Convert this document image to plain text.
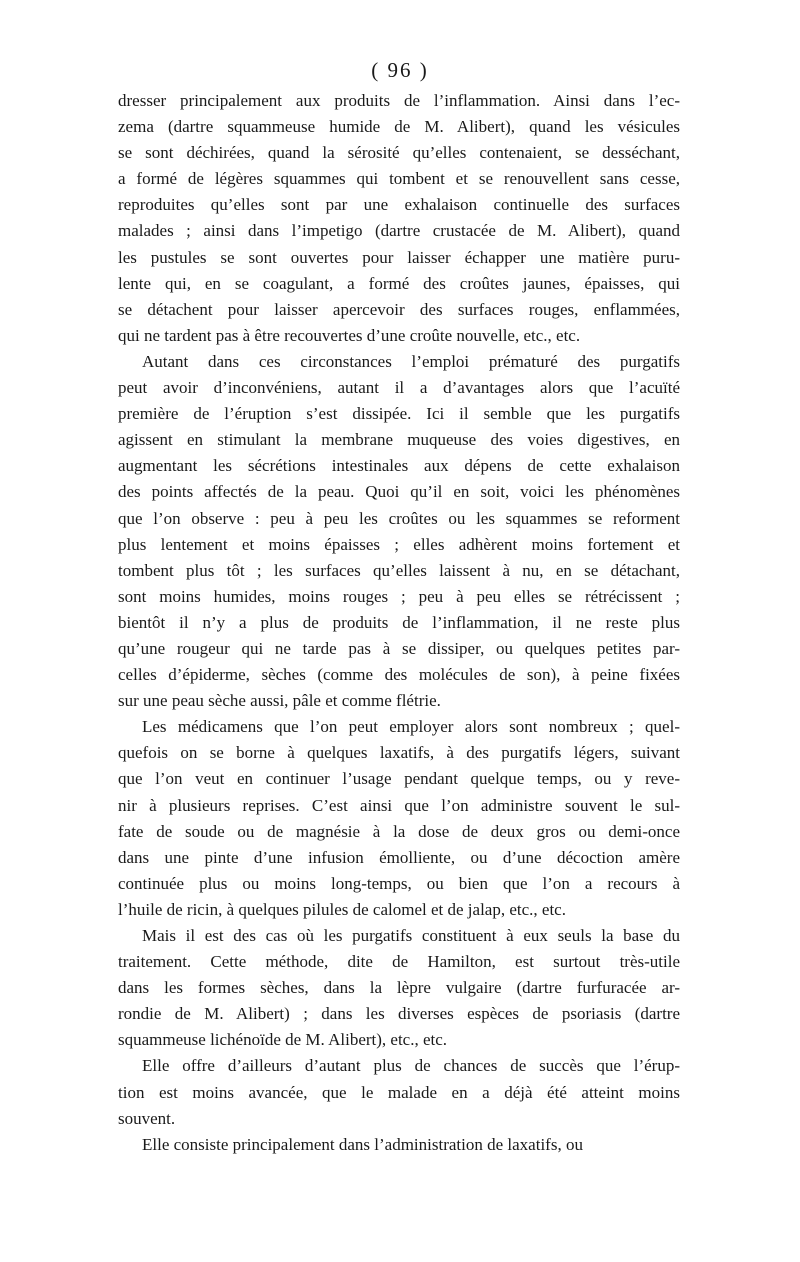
( 96 )
dresser principalement aux produits de l’inflammation. Ainsi dans l’ec-
zema (dartre squammeuse humide de M. Alibert), quand les vésicules
se sont déchirées, quand la sérosité qu’elles contenaient, se desséchant,
a formé de légères squammes qui tombent et se renouvellent sans cesse,
reproduites qu’elles sont par une exhalaison continuelle des surfaces
malades ; ainsi dans l’impetigo (dartre crustacée de M. Alibert), quand
les pustules se sont ouvertes pour laisser échapper une matière puru-
lente qui, en se coagulant, a formé des croûtes jaunes, épaisses, qui
se détachent pour laisser apercevoir des surfaces rouges, enflammées,
qui ne tardent pas à être recouvertes d’une croûte nouvelle, etc., etc.
Autant dans ces circonstances l’emploi prématuré des purgatifs
peut avoir d’inconvéniens, autant il a d’avantages alors que l’acuïté
première de l’éruption s’est dissipée. Ici il semble que les purgatifs
agissent en stimulant la membrane muqueuse des voies digestives, en
augmentant les sécrétions intestinales aux dépens de cette exhalaison
des points affectés de la peau. Quoi qu’il en soit, voici les phénomènes
que l’on observe : peu à peu les croûtes ou les squammes se reforment
plus lentement et moins épaisses ; elles adhèrent moins fortement et
tombent plus tôt ; les surfaces qu’elles laissent à nu, en se détachant,
sont moins humides, moins rouges ; peu à peu elles se rétrécissent ;
bientôt il n’y a plus de produits de l’inflammation, il ne reste plus
qu’une rougeur qui ne tarde pas à se dissiper, ou quelques petites par-
celles d’épiderme, sèches (comme des molécules de son), à peine fixées
sur une peau sèche aussi, pâle et comme flétrie.
Les médicamens que l’on peut employer alors sont nombreux ; quel-
quefois on se borne à quelques laxatifs, à des purgatifs légers, suivant
que l’on veut en continuer l’usage pendant quelque temps, ou y reve-
nir à plusieurs reprises. C’est ainsi que l’on administre souvent le sul-
fate de soude ou de magnésie à la dose de deux gros ou demi-once
dans une pinte d’une infusion émolliente, ou d’une décoction amère
continuée plus ou moins long-temps, ou bien que l’on a recours à
l’huile de ricin, à quelques pilules de calomel et de jalap, etc., etc.
Mais il est des cas où les purgatifs constituent à eux seuls la base du
traitement. Cette méthode, dite de Hamilton, est surtout très-utile
dans les formes sèches, dans la lèpre vulgaire (dartre furfuracée ar-
rondie de M. Alibert) ; dans les diverses espèces de psoriasis (dartre
squammeuse lichénoïde de M. Alibert), etc., etc.
Elle offre d’ailleurs d’autant plus de chances de succès que l’érup-
tion est moins avancée, que le malade en a déjà été atteint moins
souvent.
Elle consiste principalement dans l’administration de laxatifs, ou
